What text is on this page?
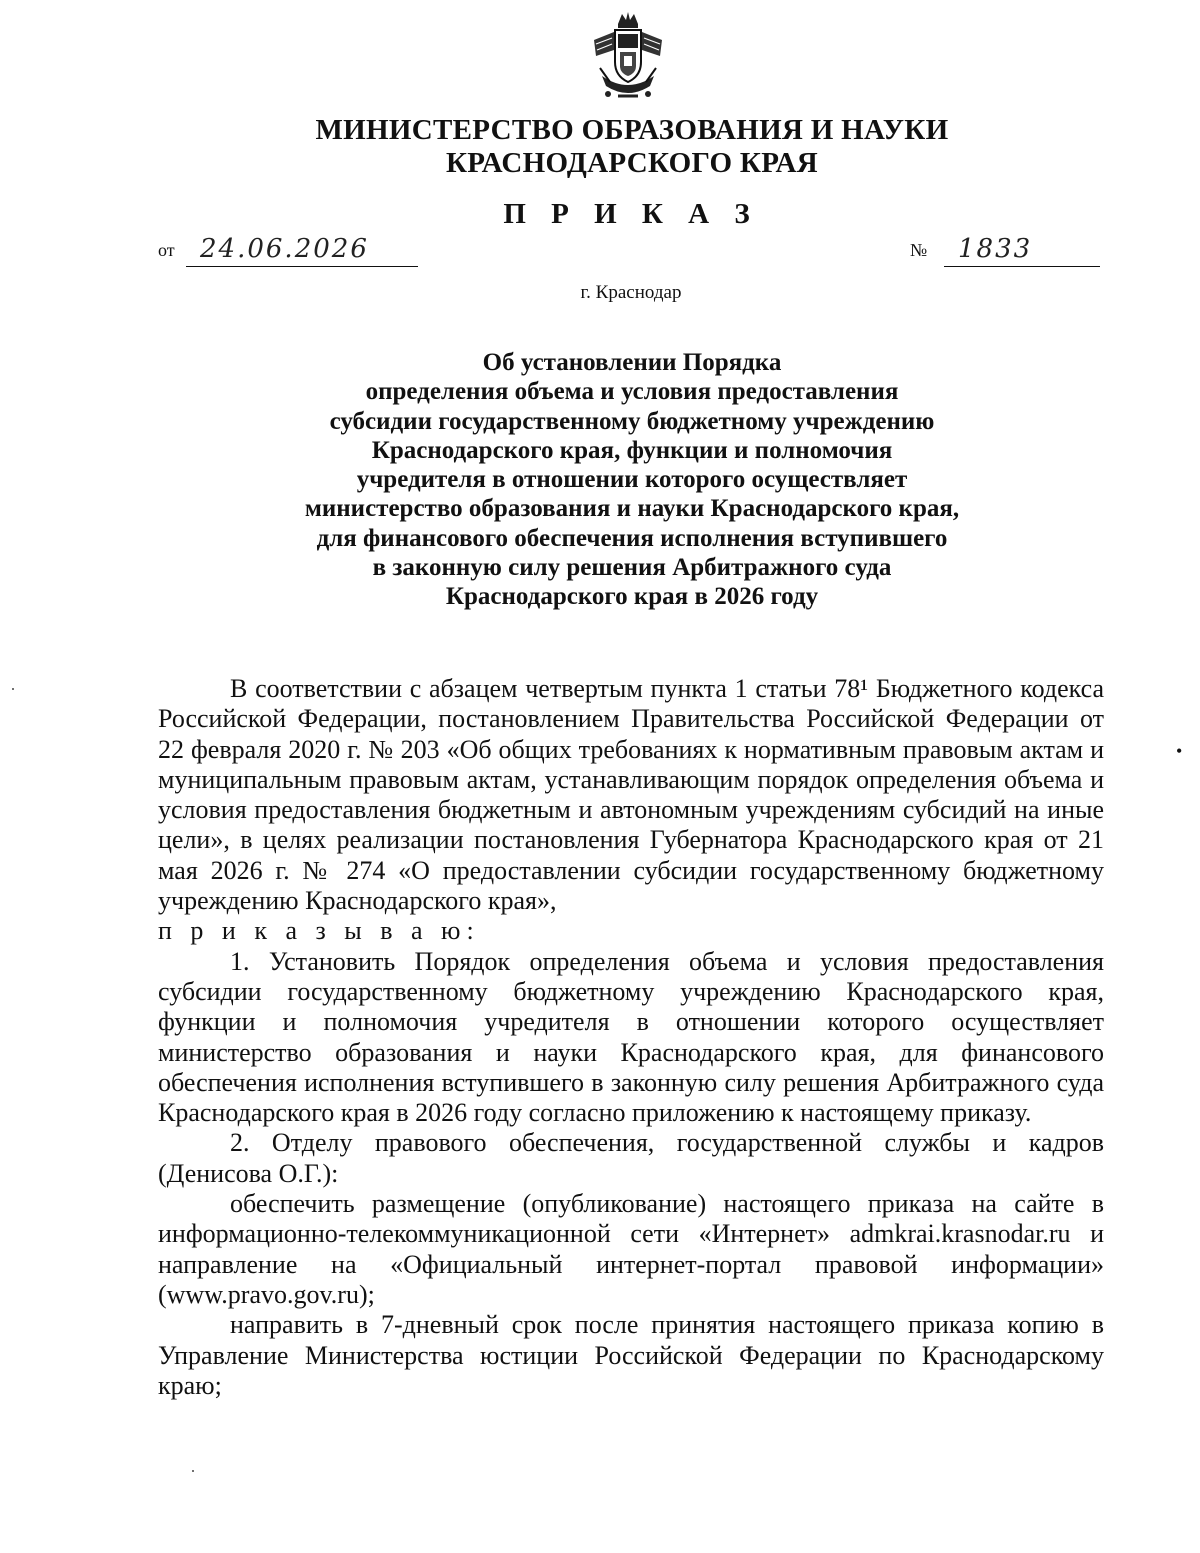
МИНИСТЕРСТВО ОБРАЗОВАНИЯ И НАУКИ
КРАСНОДАРСКОГО КРАЯ
П Р И К А З
от 24.06.2026	№ 1833
г. Краснодар
Об установлении Порядка
определения объема и условия предоставления
субсидии государственному бюджетному учреждению
Краснодарского края, функции и полномочия
учредителя в отношении которого осуществляет
министерство образования и науки Краснодарского края,
для финансового обеспечения исполнения вступившего
в законную силу решения Арбитражного суда
Краснодарского края в 2026 году

В соответствии с абзацем четвертым пункта 1 статьи 78¹ Бюджетного кодекса Российской Федерации, постановлением Правительства Российской Федерации от 22 февраля 2020 г. № 203 «Об общих требованиях к нормативным правовым актам и муниципальным правовым актам, устанавливающим порядок определения объема и условия предоставления бюджетным и автономным учреждениям субсидий на иные цели», в целях реализации постановления Губернатора Краснодарского края от 21 мая 2026 г. № 274 «О предоставлении субсидии государственному бюджетному учреждению Краснодарского края»,

п р и к а з ы в а ю:

1. Установить Порядок определения объема и условия предоставления субсидии государственному бюджетному учреждению Краснодарского края, функции и полномочия учредителя в отношении которого осуществляет министерство образования и науки Краснодарского края, для финансового обеспечения исполнения вступившего в законную силу решения Арбитражного суда Краснодарского края в 2026 году согласно приложению к настоящему приказу.

2. Отделу правового обеспечения, государственной службы и кадров (Денисова О.Г.):

обеспечить размещение (опубликование) настоящего приказа на сайте в информационно-телекоммуникационной сети «Интернет» admkrai.krasnodar.ru и направление на «Официальный интернет-портал правовой информации» (www.pravo.gov.ru);

направить в 7-дневный срок после принятия настоящего приказа копию в Управление Министерства юстиции Российской Федерации по Краснодарскому краю;

•
